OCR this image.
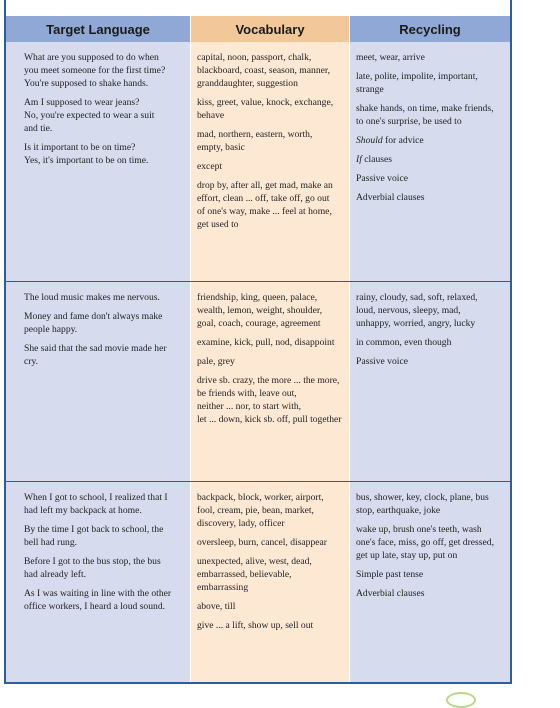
Target Language	Vocabulary	Recycling

What are you supposed to do when
you meet someone for the first time?
You're supposed to shake hands.

Am I supposed to wear jeans?
No, you're expected to wear a suit
and tie.

Is it important to be on time?
Yes, it's important to be on time.

capital, noon, passport, chalk,
blackboard, coast, season, manner,
granddaughter, suggestion

kiss, greet, value, knock, exchange,
behave

mad, northern, eastern, worth,
empty, basic

except

drop by, after all, get mad, make an
effort, clean ... off, take off, go out
of one's way, make ... feel at home,
get used to

meet, wear, arrive

late, polite, impolite, important,
strange

shake hands, on time, make friends,
to one's surprise, be used to

Should for advice

If clauses

Passive voice

Adverbial clauses

The loud music makes me nervous.

Money and fame don't always make
people happy.

She said that the sad movie made her
cry.

friendship, king, queen, palace,
wealth, lemon, weight, shoulder,
goal, coach, courage, agreement

examine, kick, pull, nod, disappoint

pale, grey

drive sb. crazy, the more ... the more,
be friends with, leave out,
neither ... nor, to start with,
let ... down, kick sb. off, pull together

rainy, cloudy, sad, soft, relaxed,
loud, nervous, sleepy, mad,
unhappy, worried, angry, lucky

in common, even though

Passive voice

When I got to school, I realized that I
had left my backpack at home.

By the time I got back to school, the
bell had rung.

Before I got to the bus stop, the bus
had already left.

As I was waiting in line with the other
office workers, I heard a loud sound.

backpack, block, worker, airport,
fool, cream, pie, bean, market,
discovery, lady, officer

oversleep, burn, cancel, disappear

unexpected, alive, west, dead,
embarrassed, believable,
embarrassing

above, till

give ... a lift, show up, sell out

bus, shower, key, clock, plane, bus
stop, earthquake, joke

wake up, brush one's teeth, wash
one's face, miss, go off, get dressed,
get up late, stay up, put on

Simple past tense

Adverbial clauses
